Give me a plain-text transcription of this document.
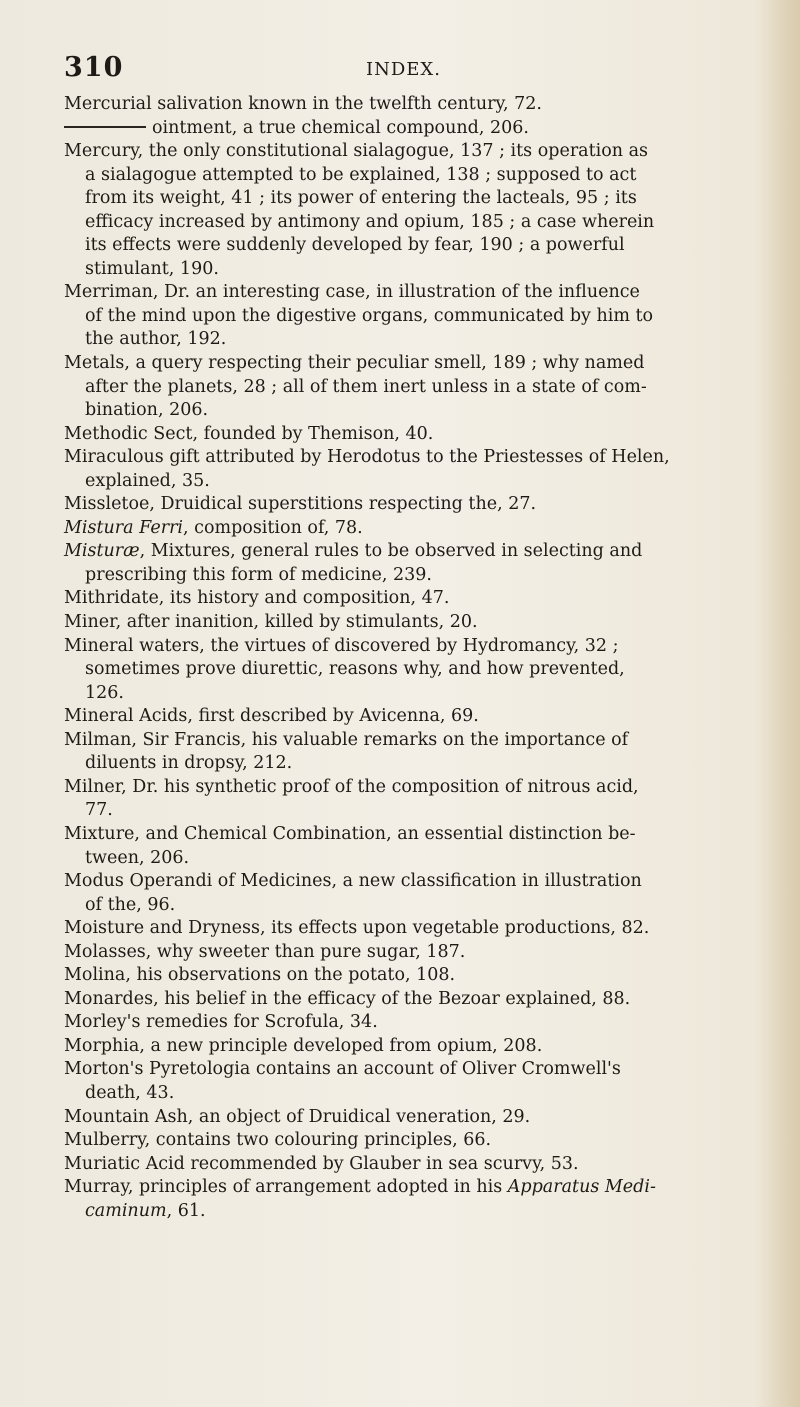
310	INDEX.
Mercurial salivation known in the twelfth century, 72.
ointment, a true chemical compound, 206.
Mercury, the only constitutional sialagogue, 137 ; its operation as
a sialagogue attempted to be explained, 138 ; supposed to act
from its weight, 41 ; its power of entering the lacteals, 95 ; its
efficacy increased by antimony and opium, 185 ; a case wherein
its effects were suddenly developed by fear, 190 ; a powerful
stimulant, 190.
Merriman, Dr. an interesting case, in illustration of the influence
of the mind upon the digestive organs, communicated by him to
the author, 192.
Metals, a query respecting their peculiar smell, 189 ; why named
after the planets, 28 ; all of them inert unless in a state of com-
bination, 206.
Methodic Sect, founded by Themison, 40.
Miraculous gift attributed by Herodotus to the Priestesses of Helen,
explained, 35.
Missletoe, Druidical superstitions respecting the, 27.
Mistura Ferri, composition of, 78.
Misturæ, Mixtures, general rules to be observed in selecting and
prescribing this form of medicine, 239.
Mithridate, its history and composition, 47.
Miner, after inanition, killed by stimulants, 20.
Mineral waters, the virtues of discovered by Hydromancy, 32 ;
sometimes prove diurettic, reasons why, and how prevented,
126.
Mineral Acids, first described by Avicenna, 69.
Milman, Sir Francis, his valuable remarks on the importance of
diluents in dropsy, 212.
Milner, Dr. his synthetic proof of the composition of nitrous acid,
77.
Mixture, and Chemical Combination, an essential distinction be-
tween, 206.
Modus Operandi of Medicines, a new classification in illustration
of the, 96.
Moisture and Dryness, its effects upon vegetable productions, 82.
Molasses, why sweeter than pure sugar, 187.
Molina, his observations on the potato, 108.
Monardes, his belief in the efficacy of the Bezoar explained, 88.
Morley's remedies for Scrofula, 34.
Morphia, a new principle developed from opium, 208.
Morton's Pyretologia contains an account of Oliver Cromwell's
death, 43.
Mountain Ash, an object of Druidical veneration, 29.
Mulberry, contains two colouring principles, 66.
Muriatic Acid recommended by Glauber in sea scurvy, 53.
Murray, principles of arrangement adopted in his Apparatus Medi-
caminum, 61.
